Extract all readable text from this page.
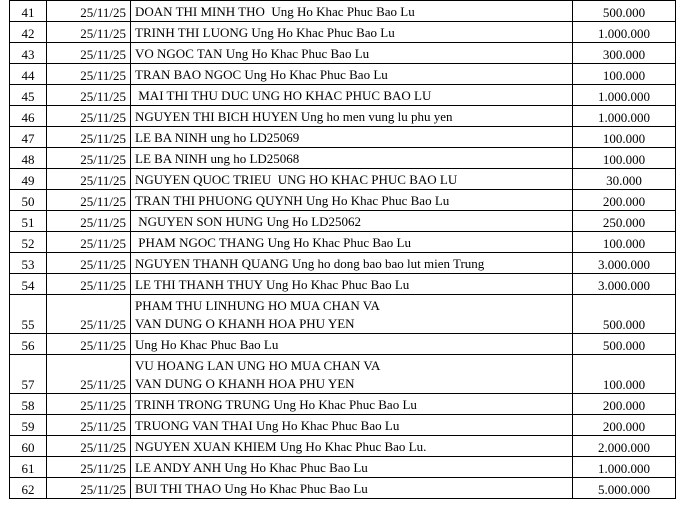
41	25/11/25	DOAN THI MINH THO  Ung Ho Khac Phuc Bao Lu	500.000
42	25/11/25	TRINH THI LUONG Ung Ho Khac Phuc Bao Lu	1.000.000
43	25/11/25	VO NGOC TAN Ung Ho Khac Phuc Bao Lu	300.000
44	25/11/25	TRAN BAO NGOC Ung Ho Khac Phuc Bao Lu	100.000
45	25/11/25	MAI THI THU DUC UNG HO KHAC PHUC BAO LU	1.000.000
46	25/11/25	NGUYEN THI BICH HUYEN Ung ho men vung lu phu yen	1.000.000
47	25/11/25	LE BA NINH ung ho LD25069	100.000
48	25/11/25	LE BA NINH ung ho LD25068	100.000
49	25/11/25	NGUYEN QUOC TRIEU  UNG HO KHAC PHUC BAO LU	30.000
50	25/11/25	TRAN THI PHUONG QUYNH Ung Ho Khac Phuc Bao Lu	200.000
51	25/11/25	NGUYEN SON HUNG Ung Ho LD25062	250.000
52	25/11/25	PHAM NGOC THANG Ung Ho Khac Phuc Bao Lu	100.000
53	25/11/25	NGUYEN THANH QUANG Ung ho dong bao bao lut mien Trung	3.000.000
54	25/11/25	LE THI THANH THUY Ung Ho Khac Phuc Bao Lu	3.000.000
55	25/11/25	PHAM THU LINHUNG HO MUA CHAN VA
VAN DUNG O KHANH HOA PHU YEN	500.000
56	25/11/25	Ung Ho Khac Phuc Bao Lu	500.000
57	25/11/25	VU HOANG LAN UNG HO MUA CHAN VA
VAN DUNG O KHANH HOA PHU YEN	100.000
58	25/11/25	TRINH TRONG TRUNG Ung Ho Khac Phuc Bao Lu	200.000
59	25/11/25	TRUONG VAN THAI Ung Ho Khac Phuc Bao Lu	200.000
60	25/11/25	NGUYEN XUAN KHIEM Ung Ho Khac Phuc Bao Lu.	2.000.000
61	25/11/25	LE ANDY ANH Ung Ho Khac Phuc Bao Lu	1.000.000
62	25/11/25	BUI THI THAO Ung Ho Khac Phuc Bao Lu	5.000.000
